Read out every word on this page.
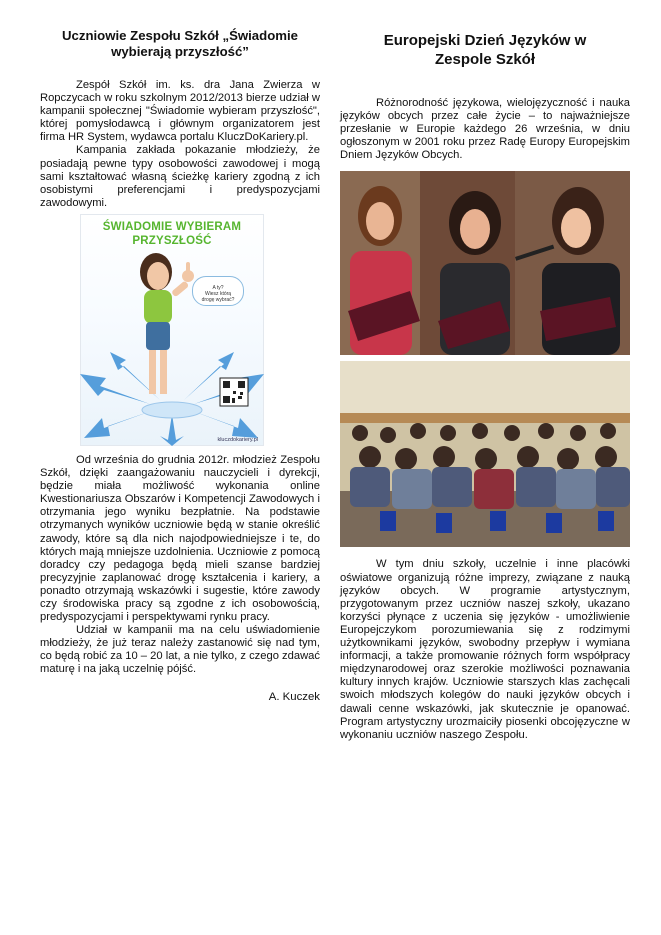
Uczniowie Zespołu Szkół „Świadomie wybierają przyszłość”

Zespół Szkół im. ks. dra Jana Zwierza w Ropczycach w roku szkolnym 2012/2013 bierze udział w kampanii społecznej "Świadomie wybieram przyszłość", której pomysłodawcą i głównym organizatorem jest firma HR System, wydawca portalu KluczDoKariery.pl.

Kampania zakłada pokazanie młodzieży, że posiadają pewne typy osobowości zawodowej i mogą sami kształtować własną ścieżkę kariery zgodną z ich osobistymi preferencjami i predyspozycjami zawodowymi.

ŚWIADOMIE WYBIERAM
PRZYSZŁOŚĆ
A ty?
Wiesz którą
drogę wybrać?
kluczdokariery.pl

Od września do grudnia 2012r. młodzież Zespołu Szkół, dzięki zaangażowaniu nauczycieli i dyrekcji, będzie miała możliwość wykonania online Kwestionariusza Obszarów i Kompetencji Zawodowych i otrzymania jego wyniku bezpłatnie. Na podstawie otrzymanych wyników uczniowie będą w stanie określić zawody, które są dla nich najodpowiedniejsze i te, do których mają mniejsze uzdolnienia. Uczniowie z pomocą doradcy czy pedagoga będą mieli szanse bardziej precyzyjnie zaplanować drogę kształcenia i kariery, a ponadto otrzymają wskazówki i sugestie, które zawody czy środowiska pracy są zgodne z ich osobowością, predyspozycjami i perspektywami rynku pracy.

Udział w kampanii ma na celu uświadomienie młodzieży, że już teraz należy zastanowić się nad tym, co będą robić za 10 – 20 lat, a nie tylko, z czego zdawać maturę i na jaką uczelnię pójść.

A. Kuczek
Europejski Dzień Języków w
Zespole Szkół

Różnorodność językowa, wielojęzyczność i nauka języków obcych przez całe życie – to najważniejsze przesłanie w Europie każdego 26 września, w dniu ogłoszonym w 2001 roku przez Radę Europy Europejskim Dniem Języków Obcych.

W tym dniu szkoły, uczelnie i inne placówki oświatowe organizują różne imprezy, związane z nauką języków obcych. W programie artystycznym, przygotowanym przez uczniów naszej szkoły, ukazano korzyści płynące z uczenia się języków - umożliwienie Europejczykom porozumiewania się z rodzimymi użytkownikami języków, swobodny przepływ i wymiana informacji, a także promowanie różnych form współpracy międzynarodowej oraz szerokie możliwości poznawania kultury innych krajów. Uczniowie starszych klas zachęcali swoich młodszych kolegów do nauki języków obcych i dawali cenne wskazówki, jak skutecznie je opanować. Program artystyczny urozmaiciły piosenki obcojęzyczne w wykonaniu uczniów naszego Zespołu.
